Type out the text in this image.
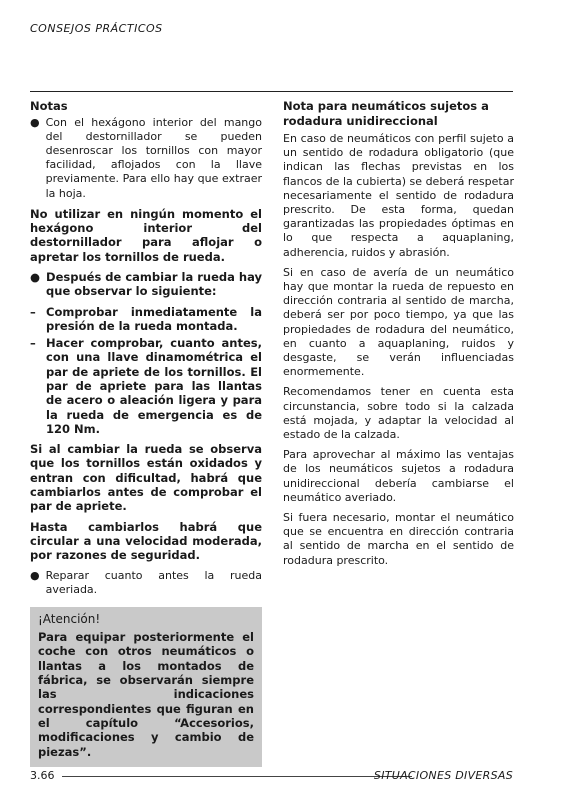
CONSEJOS PRÁCTICOS
Notas
● Con el hexágono interior del mango del destornillador se pueden desenroscar los tornillos con mayor facilidad, aflojados con la llave previamente. Para ello hay que extraer la hoja.

No utilizar en ningún momento el hexágono interior del destornillador para aflojar o apretar los tornillos de rueda.

● Después de cambiar la rueda hay que observar lo siguiente:
– Comprobar inmediatamente la presión de la rueda montada.
– Hacer comprobar, cuanto antes, con una llave dinamométrica el par de apriete de los tornillos. El par de apriete para las llantas de acero o aleación ligera y para la rueda de emergencia es de 120 Nm.

Si al cambiar la rueda se observa que los tornillos están oxidados y entran con dificultad, habrá que cambiarlos antes de comprobar el par de apriete.

Hasta cambiarlos habrá que circular a una velocidad moderada, por razones de seguridad.

● Reparar cuanto antes la rueda averiada.
¡Atención!
Para equipar posteriormente el coche con otros neumáticos o llantas a los montados de fábrica, se observarán siempre las indicaciones correspondientes que figuran en el capítulo “Accesorios, modificaciones y cambio de piezas”.
Nota para neumáticos sujetos a rodadura unidireccional

En caso de neumáticos con perfil sujeto a un sentido de rodadura obligatorio (que indican las flechas previstas en los flancos de la cubierta) se deberá respetar necesariamente el sentido de rodadura prescrito. De esta forma, quedan garantizadas las propiedades óptimas en lo que respecta a aquaplaning, adherencia, ruidos y abrasión.

Si en caso de avería de un neumático hay que montar la rueda de repuesto en dirección contraria al sentido de marcha, deberá ser por poco tiempo, ya que las propiedades de rodadura del neumático, en cuanto a aquaplaning, ruidos y desgaste, se verán influenciadas enormemente.

Recomendamos tener en cuenta esta circunstancia, sobre todo si la calzada está mojada, y adaptar la velocidad al estado de la calzada.

Para aprovechar al máximo las ventajas de los neumáticos sujetos a rodadura unidireccional debería cambiarse el neumático averiado.

Si fuera necesario, montar el neumático que se encuentra en dirección contraria al sentido de marcha en el sentido de rodadura prescrito.

3.66	SITUACIONES DIVERSAS
